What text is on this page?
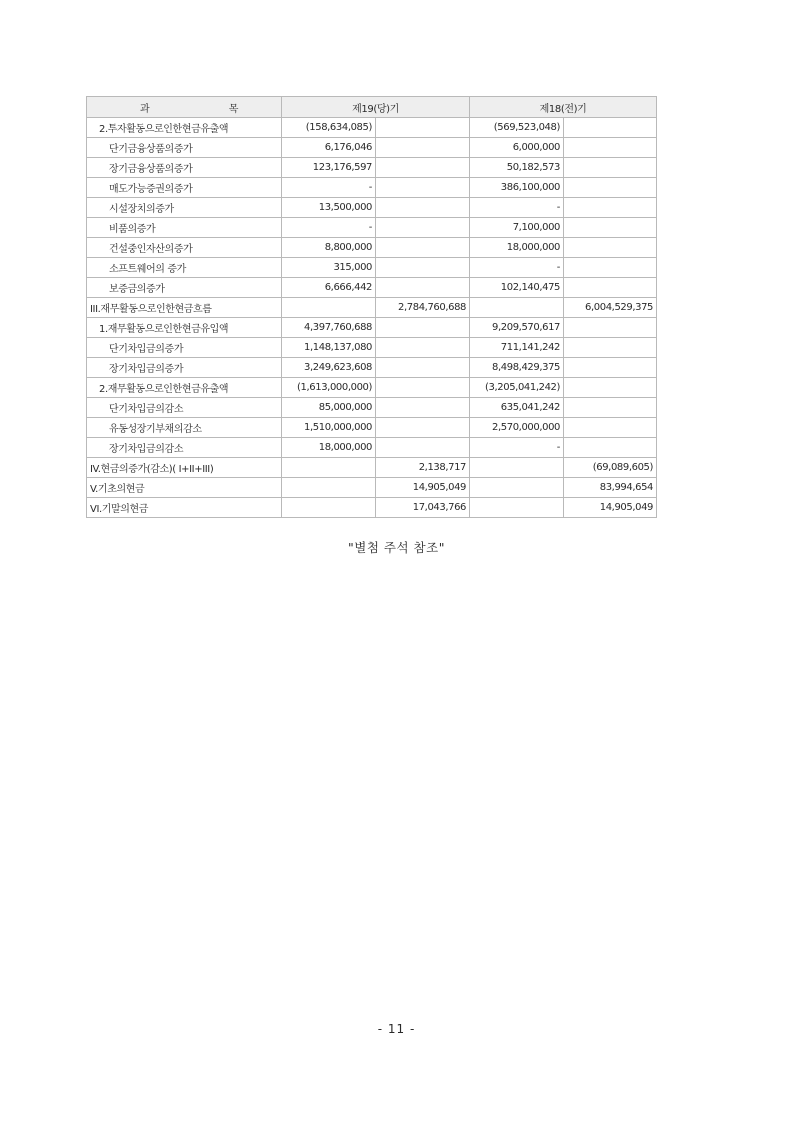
과 목	제19(당)기		제18(전)기	
2.투자활동으로인한현금유출액	(158,634,085)		(569,523,048)	
단기금융상품의증가	6,176,046		6,000,000	
장기금융상품의증가	123,176,597		50,182,573	
매도가능증권의증가	-		386,100,000	
시설장치의증가	13,500,000		-	
비품의증가	-		7,100,000	
건설중인자산의증가	8,800,000		18,000,000	
소프트웨어의 증가	315,000		-	
보증금의증가	6,666,442		102,140,475	
III.재무활동으로인한현금흐름		2,784,760,688		6,004,529,375
1.재무활동으로인한현금유입액	4,397,760,688		9,209,570,617	
단기차입금의증가	1,148,137,080		711,141,242	
장기차입금의증가	3,249,623,608		8,498,429,375	
2.재무활동으로인한현금유출액	(1,613,000,000)		(3,205,041,242)	
단기차입금의감소	85,000,000		635,041,242	
유동성장기부채의감소	1,510,000,000		2,570,000,000	
장기차입금의감소	18,000,000		-	
IV.현금의증가(감소)( I+II+III)		2,138,717		(69,089,605)
V.기초의현금		14,905,049		83,994,654
VI.기말의현금		17,043,766		14,905,049
"별첨 주석 참조"
- 11 -
